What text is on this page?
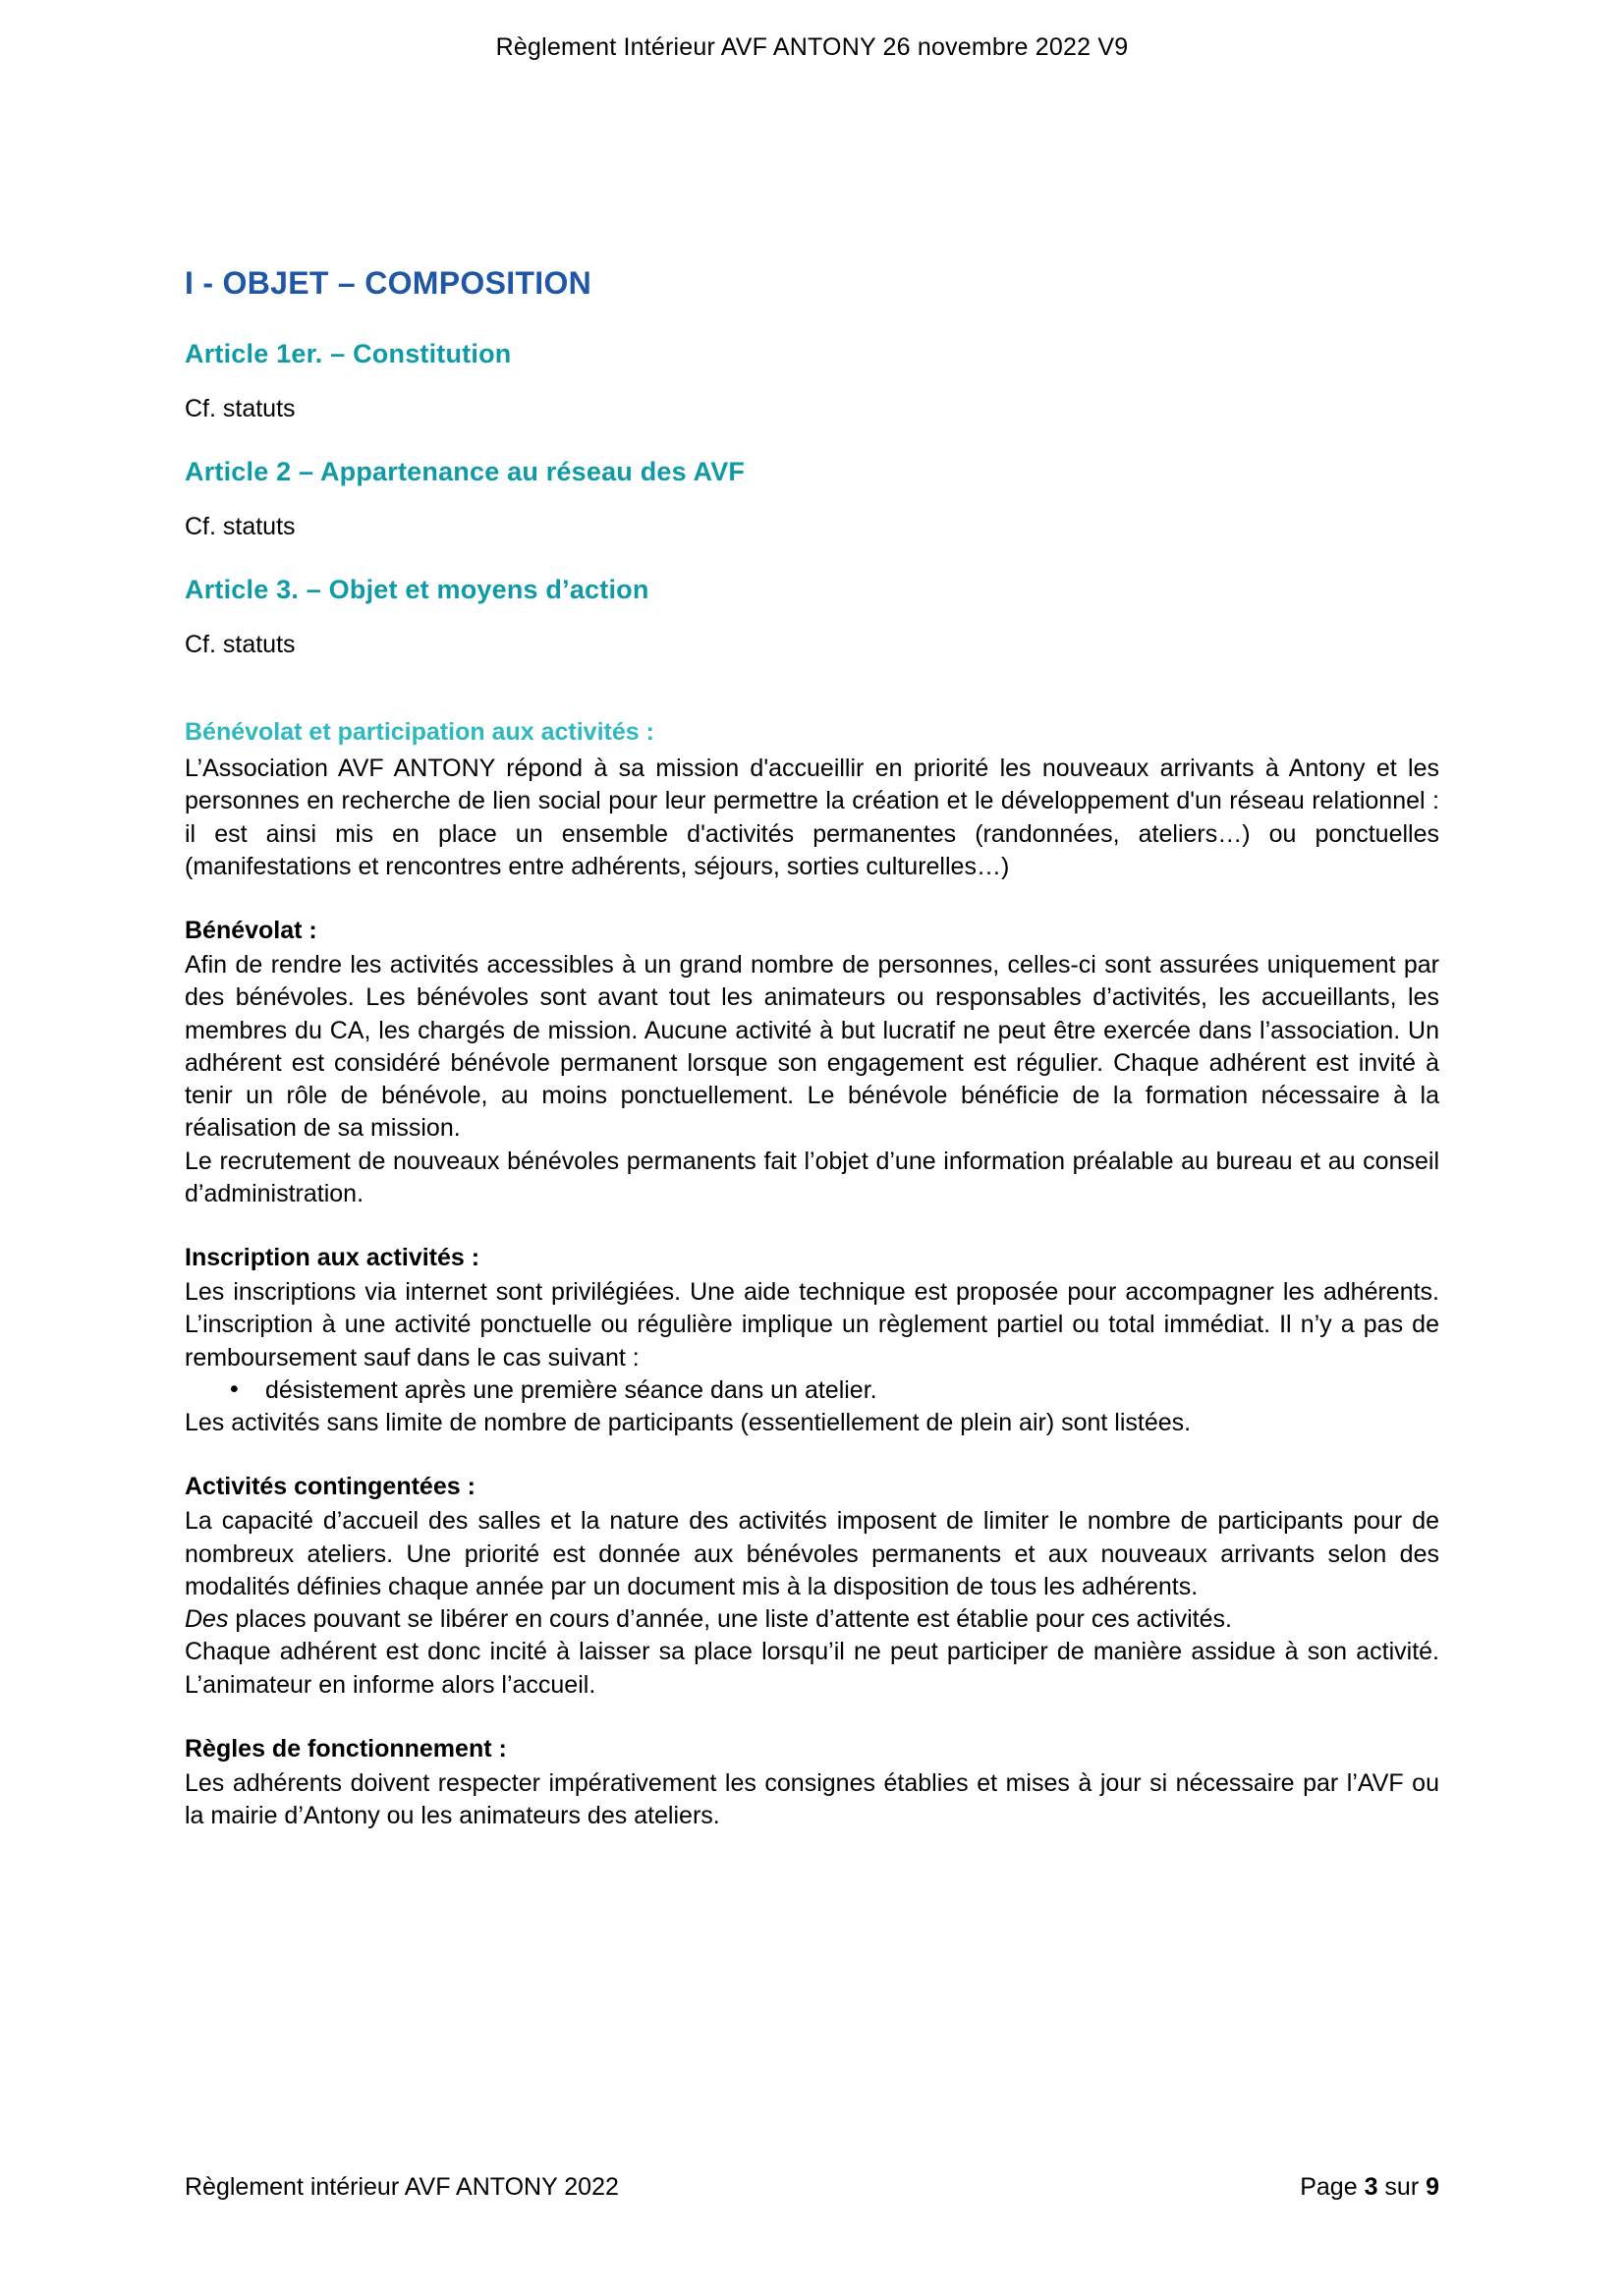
Règlement Intérieur AVF ANTONY 26 novembre 2022 V9
I - OBJET – COMPOSITION
Article 1er. – Constitution

Cf. statuts

Article 2 – Appartenance au réseau des AVF

Cf. statuts

Article 3. – Objet et moyens d’action

Cf. statuts

Bénévolat et participation aux activités :

L’Association AVF ANTONY répond à sa mission d'accueillir en priorité les nouveaux arrivants à Antony et les personnes en recherche de lien social pour leur permettre la création et le développement d'un réseau relationnel : il est ainsi mis en place un ensemble d'activités permanentes (randonnées, ateliers…) ou ponctuelles (manifestations et rencontres entre adhérents, séjours, sorties culturelles…)

Bénévolat :

Afin de rendre les activités accessibles à un grand nombre de personnes, celles-ci sont assurées uniquement par des bénévoles. Les bénévoles sont avant tout les animateurs ou responsables d’activités, les accueillants, les membres du CA, les chargés de mission. Aucune activité à but lucratif ne peut être exercée dans l’association. Un adhérent est considéré bénévole permanent lorsque son engagement est régulier. Chaque adhérent est invité à tenir un rôle de bénévole, au moins ponctuellement. Le bénévole bénéficie de la formation nécessaire à la réalisation de sa mission.

Le recrutement de nouveaux bénévoles permanents fait l’objet d’une information préalable au bureau et au conseil d’administration.

Inscription aux activités :

Les inscriptions via internet sont privilégiées. Une aide technique est proposée pour accompagner les adhérents. L’inscription à une activité ponctuelle ou régulière implique un règlement partiel ou total immédiat. Il n’y a pas de remboursement sauf dans le cas suivant :

• désistement après une première séance dans un atelier.

Les activités sans limite de nombre de participants (essentiellement de plein air) sont listées.

Activités contingentées :

La capacité d’accueil des salles et la nature des activités imposent de limiter le nombre de participants pour de nombreux ateliers. Une priorité est donnée aux bénévoles permanents et aux nouveaux arrivants selon des modalités définies chaque année par un document mis à la disposition de tous les adhérents.

Des places pouvant se libérer en cours d’année, une liste d’attente est établie pour ces activités.

Chaque adhérent est donc incité à laisser sa place lorsqu’il ne peut participer de manière assidue à son activité. L’animateur en informe alors l’accueil.

Règles de fonctionnement :

Les adhérents doivent respecter impérativement les consignes établies et mises à jour si nécessaire par l’AVF ou la mairie d’Antony ou les animateurs des ateliers.

Règlement intérieur AVF ANTONY 2022	Page 3 sur 9
